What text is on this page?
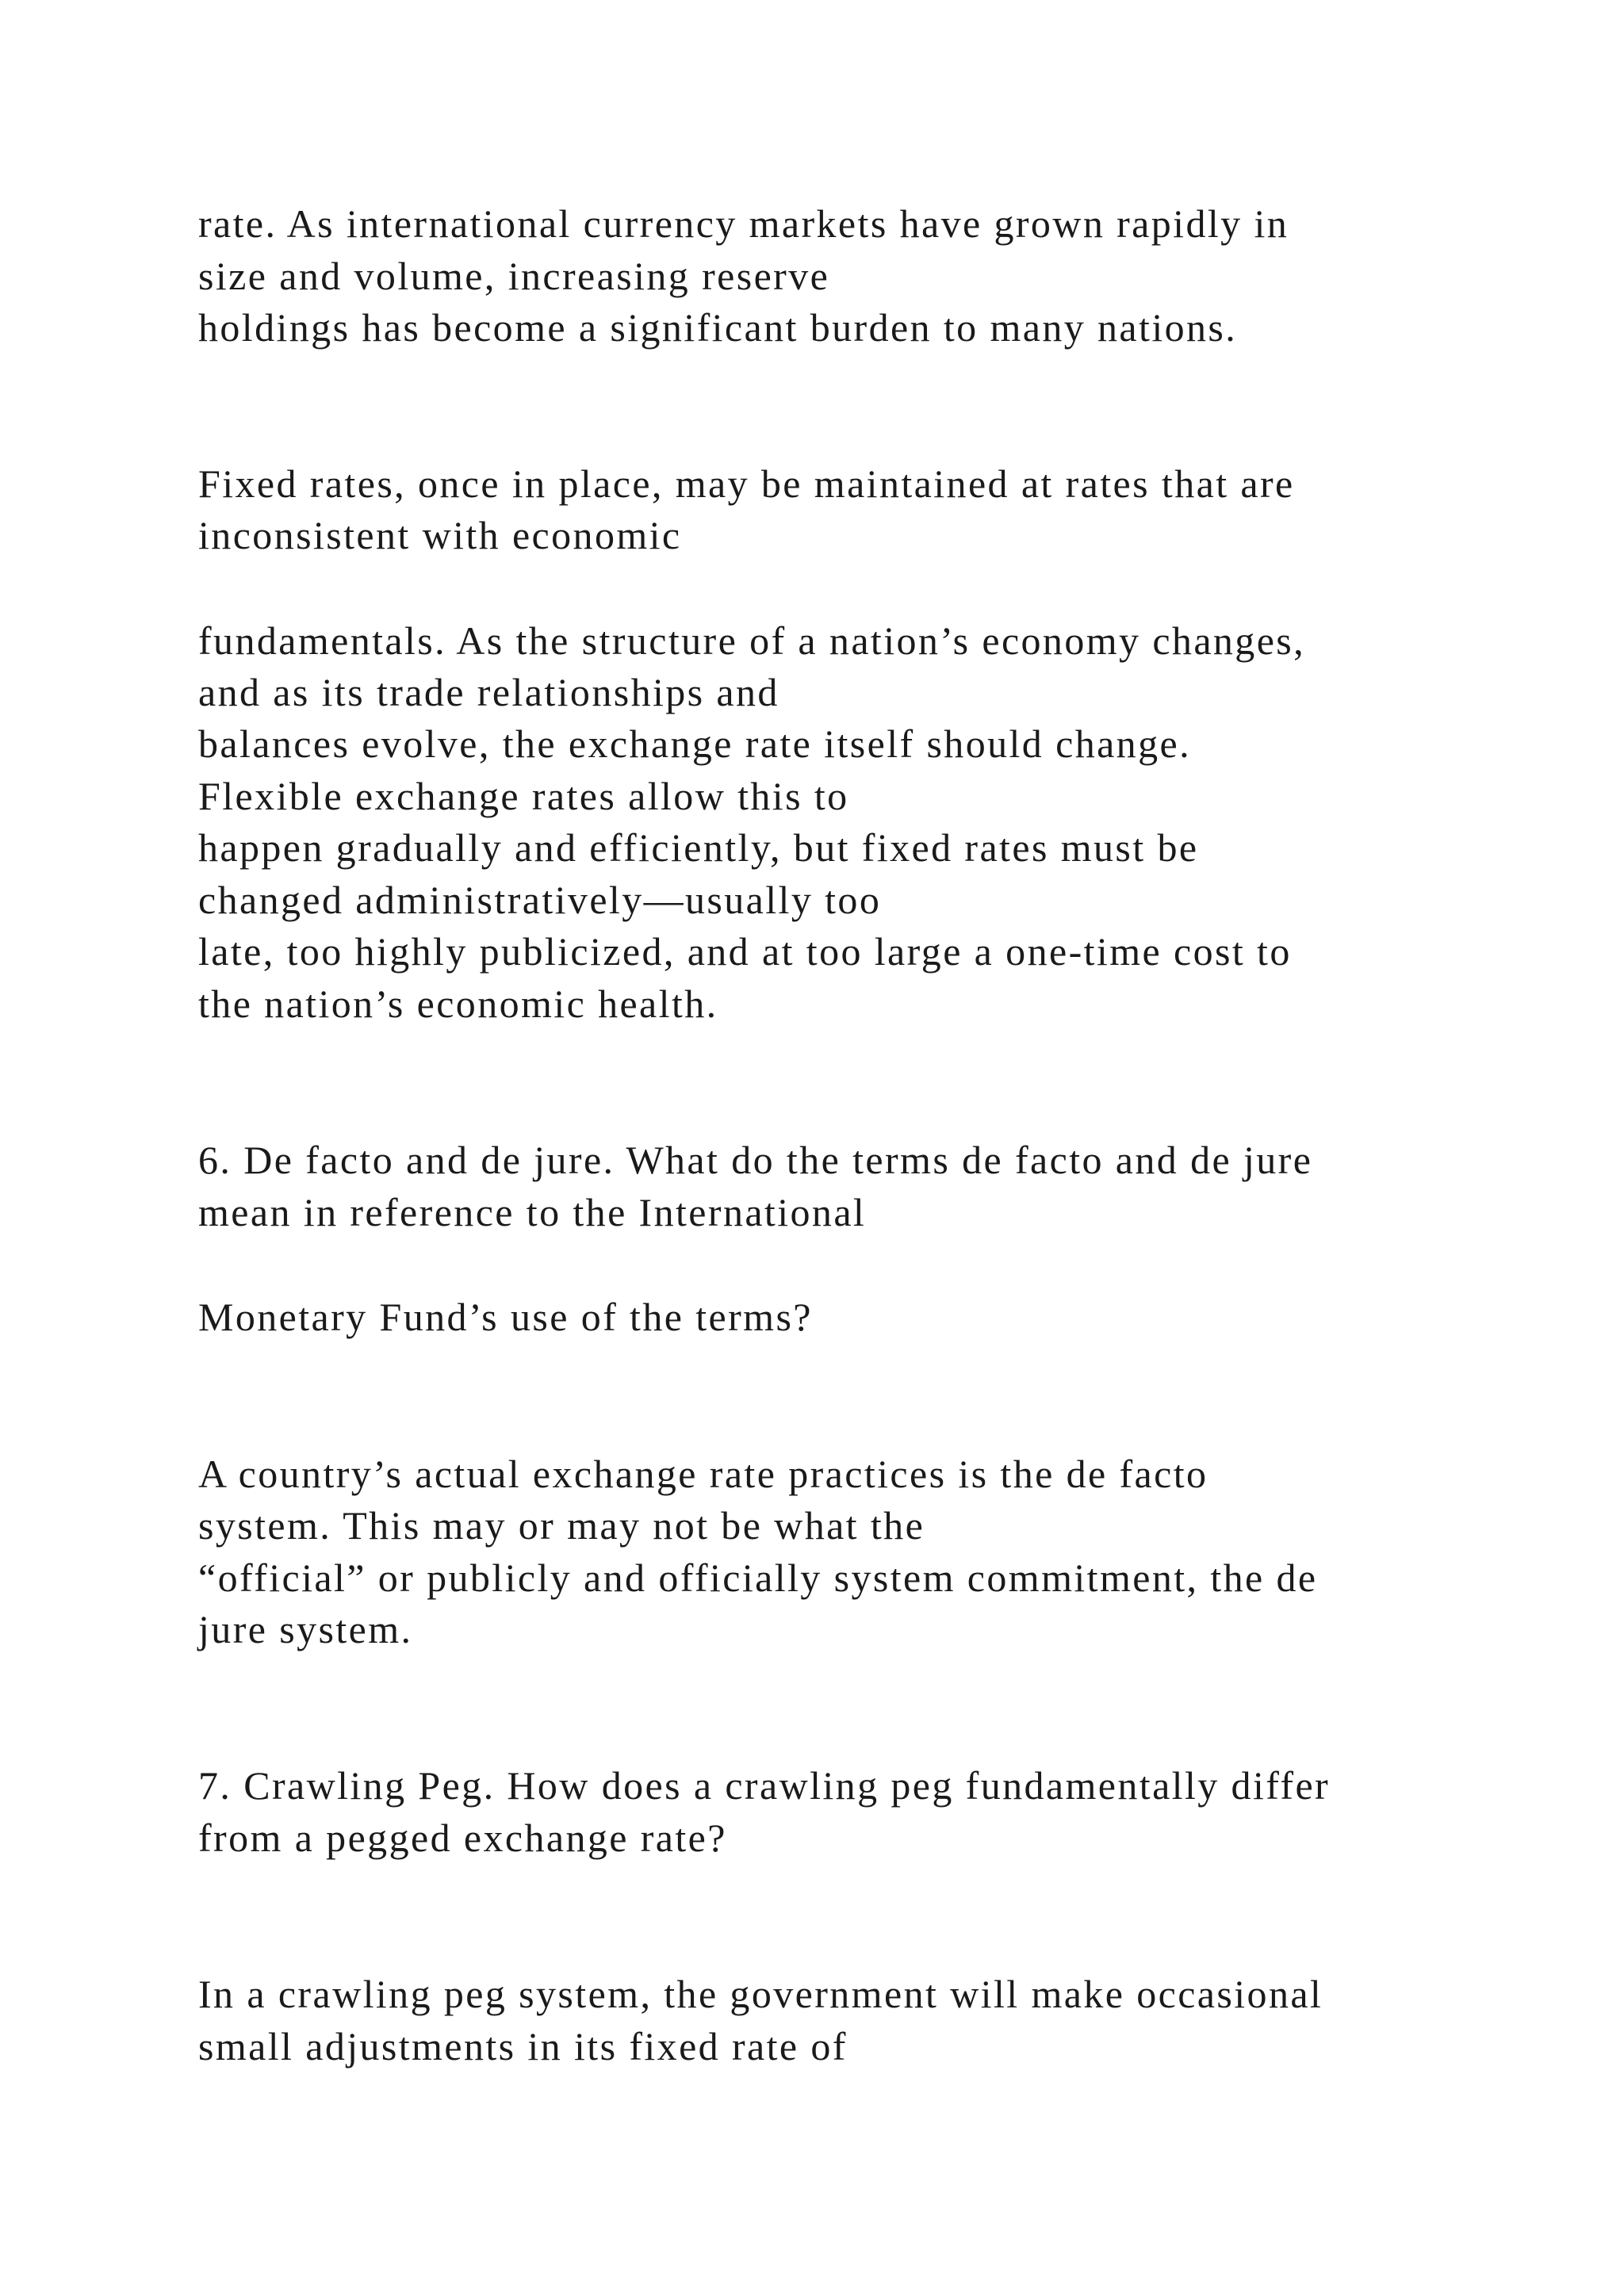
rate. As international currency markets have grown rapidly in

size and volume, increasing reserve

holdings has become a significant burden to many nations.

Fixed rates, once in place, may be maintained at rates that are

inconsistent with economic

fundamentals. As the structure of a nation’s economy changes,

and as its trade relationships and

balances evolve, the exchange rate itself should change.

Flexible exchange rates allow this to

happen gradually and efficiently, but fixed rates must be

changed administratively—usually too

late, too highly publicized, and at too large a one-time cost to

the nation’s economic health.

6. De facto and de jure. What do the terms de facto and de jure

mean in reference to the International

Monetary Fund’s use of the terms?

A country’s actual exchange rate practices is the de facto

system. This may or may not be what the

“official” or publicly and officially system commitment, the de

jure system.

7. Crawling Peg. How does a crawling peg fundamentally differ

from a pegged exchange rate?

In a crawling peg system, the government will make occasional

small adjustments in its fixed rate of
